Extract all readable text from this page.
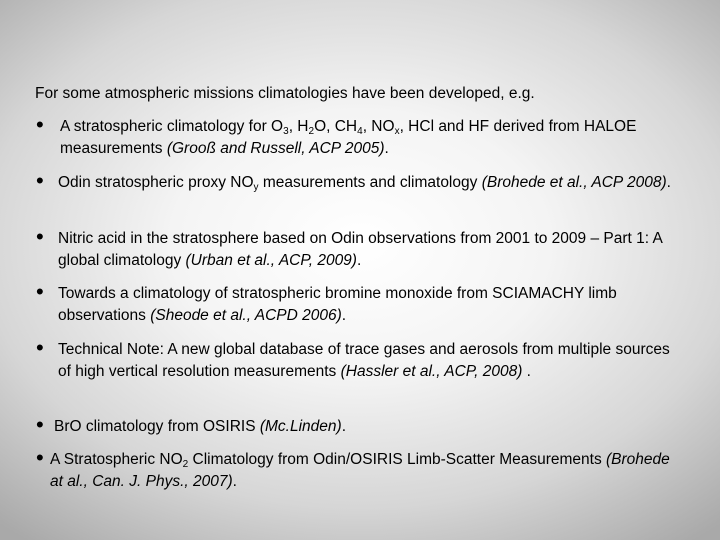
For some atmospheric missions climatologies have been developed, e.g.
• A stratospheric climatology for $O_3$, $H_2O$, $CH_4$, $NO_x$, HCl and HF derived from HALOE measurements (Grooß and Russell, ACP 2005).
• Odin stratospheric proxy $NO_y$ measurements and climatology (Brohede et al., ACP 2008).
• Nitric acid in the stratosphere based on Odin observations from 2001 to 2009 – Part 1: A global climatology (Urban et al., ACP, 2009).
• Towards a climatology of stratospheric bromine monoxide from SCIAMACHY limb observations (Sheode et al., ACPD 2006).
• Technical Note: A new global database of trace gases and aerosols from multiple sources of high vertical resolution measurements (Hassler et al., ACP, 2008) .
• BrO climatology from OSIRIS (Mc.Linden).
• A Stratospheric $NO_2$ Climatology from Odin/OSIRIS Limb-Scatter Measurements (Brohede at al., Can. J. Phys., 2007).
